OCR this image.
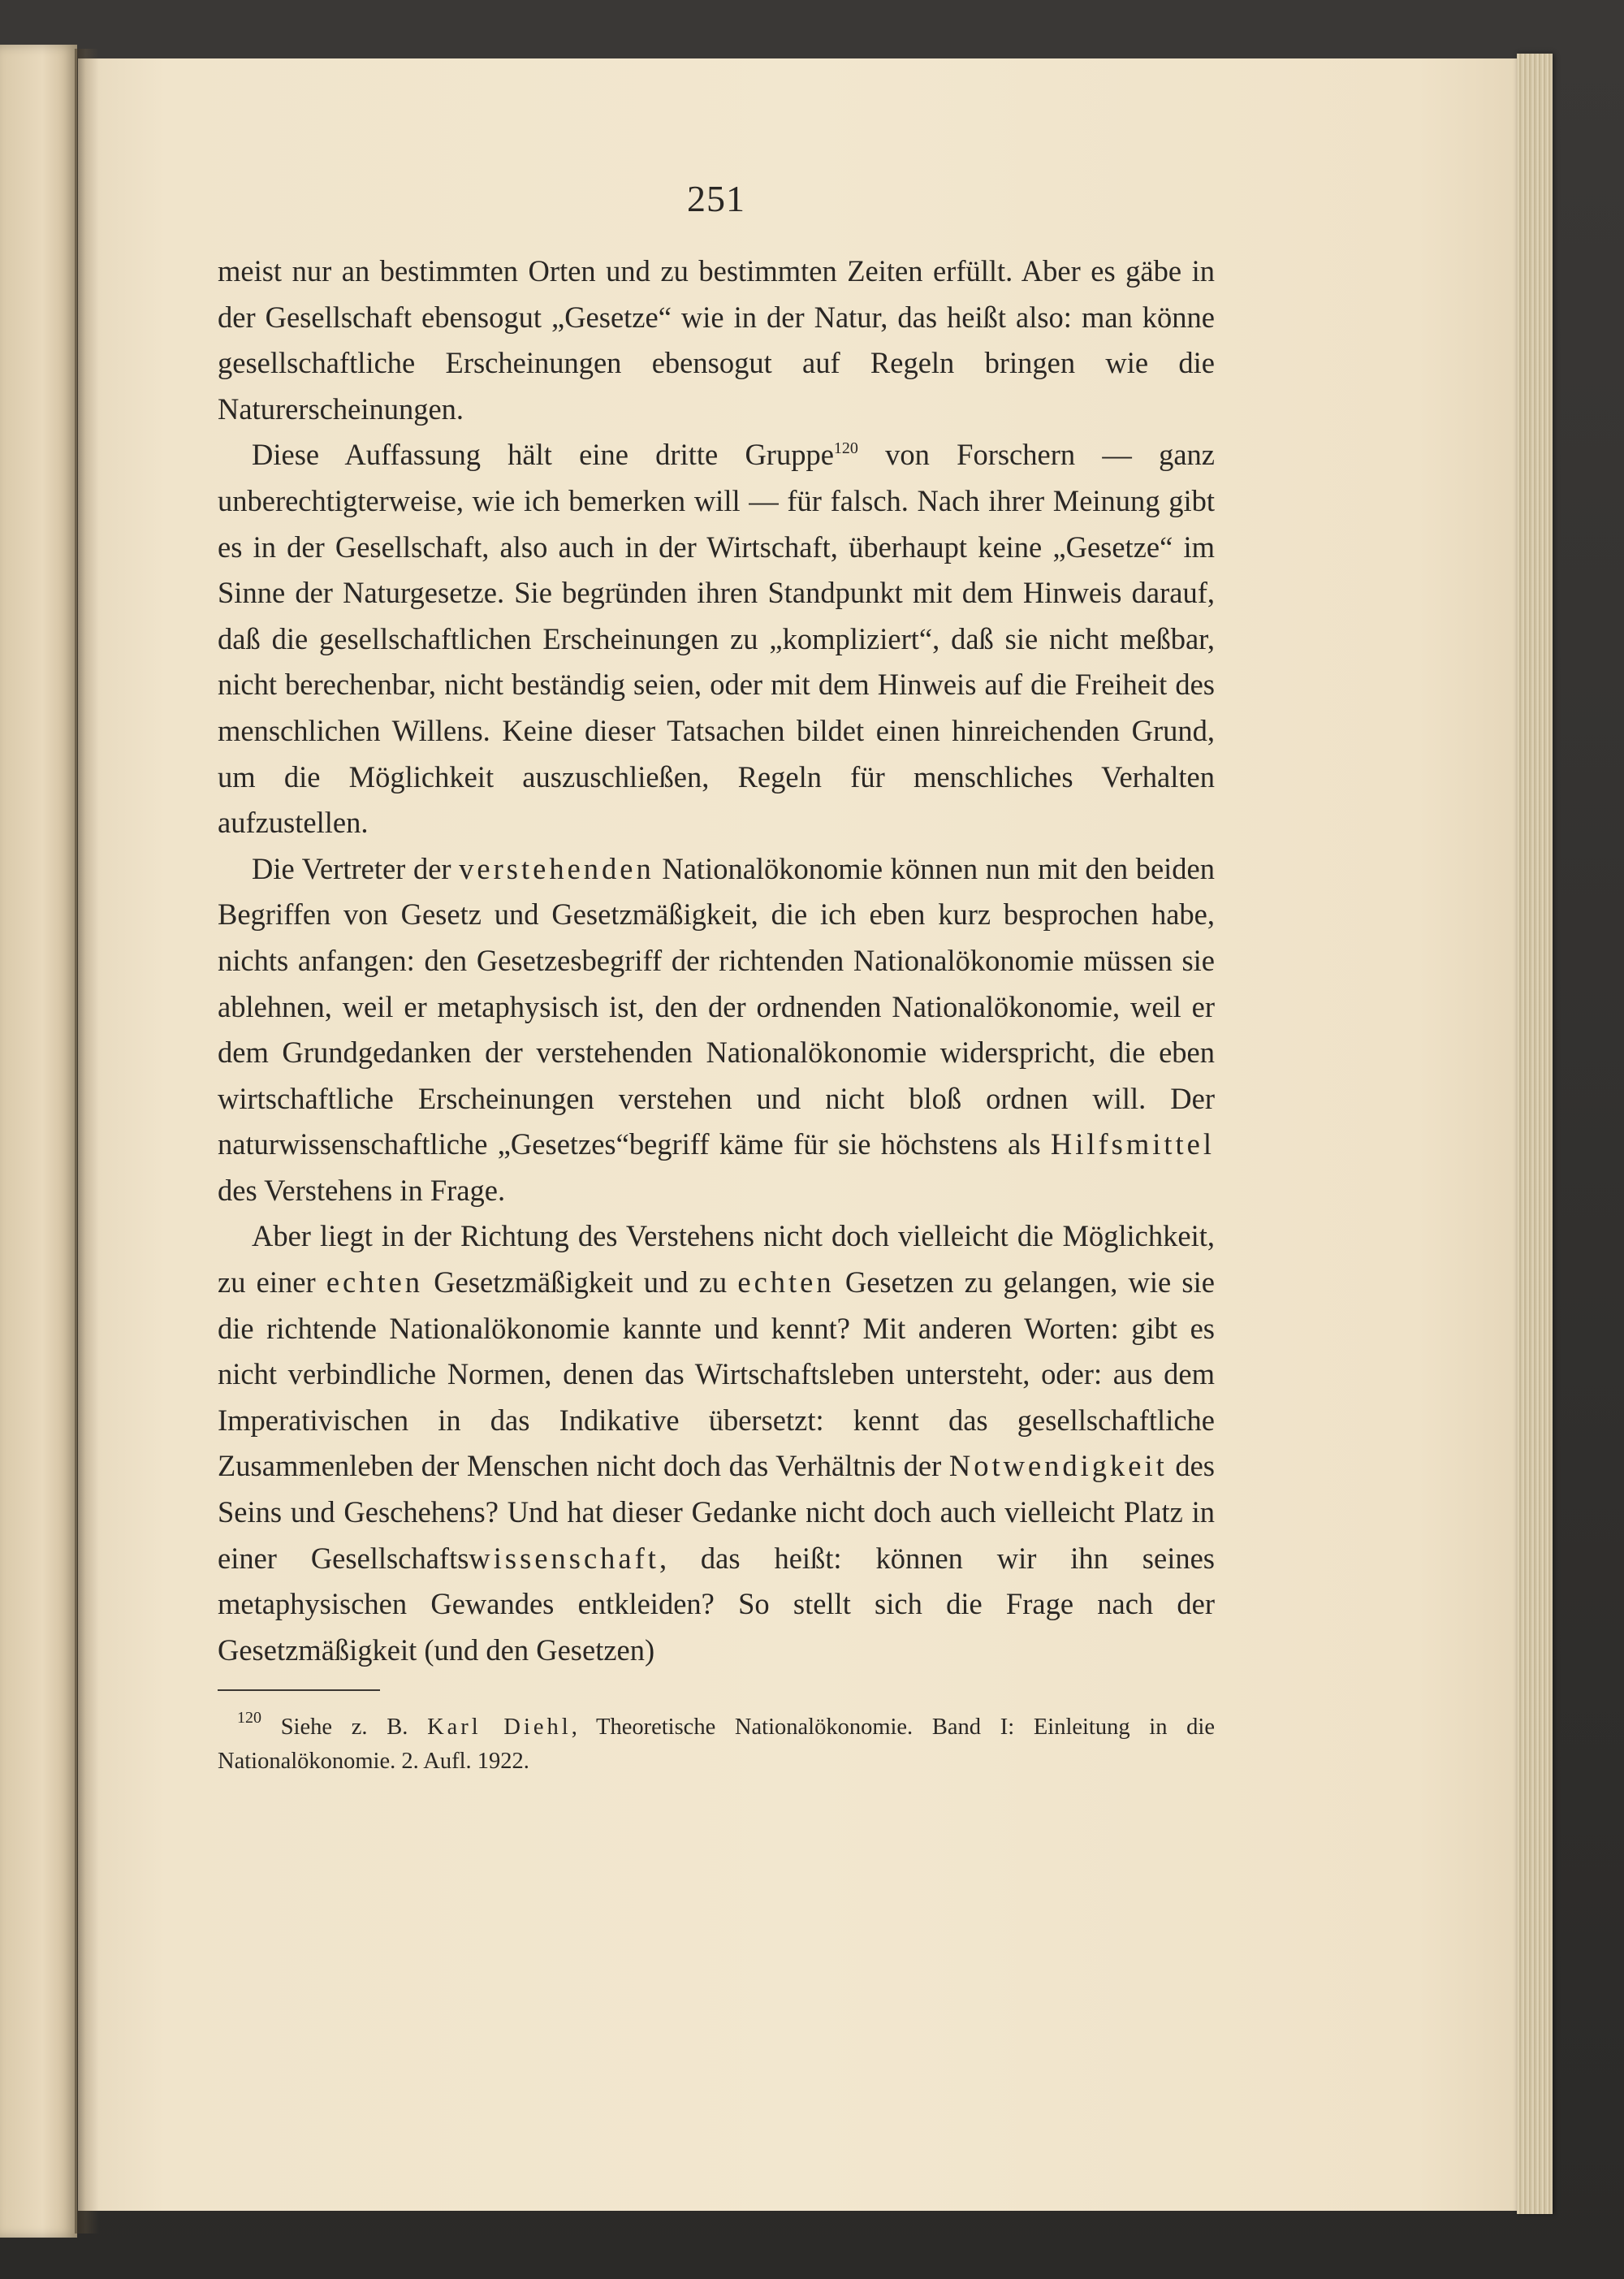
251

meist nur an bestimmten Orten und zu bestimmten Zeiten erfüllt. Aber es gäbe in der Gesellschaft ebensogut „Gesetze“ wie in der Natur, das heißt also: man könne gesellschaftliche Erscheinungen ebensogut auf Regeln bringen wie die Naturerscheinungen.

Diese Auffassung hält eine dritte Gruppe$^{120}$ von Forschern — ganz unberechtigterweise, wie ich bemerken will — für falsch. Nach ihrer Meinung gibt es in der Gesellschaft, also auch in der Wirtschaft, überhaupt keine „Gesetze“ im Sinne der Naturgesetze. Sie begründen ihren Standpunkt mit dem Hinweis darauf, daß die gesellschaftlichen Erscheinungen zu „kompliziert“, daß sie nicht meßbar, nicht berechenbar, nicht beständig seien, oder mit dem Hinweis auf die Freiheit des menschlichen Willens. Keine dieser Tatsachen bildet einen hinreichenden Grund, um die Möglichkeit auszuschließen, Regeln für menschliches Verhalten aufzustellen.

Die Vertreter der verstehenden Nationalökonomie können nun mit den beiden Begriffen von Gesetz und Gesetzmäßigkeit, die ich eben kurz besprochen habe, nichts anfangen: den Gesetzesbegriff der richtenden Nationalökonomie müssen sie ablehnen, weil er metaphysisch ist, den der ordnenden Nationalökonomie, weil er dem Grundgedanken der verstehenden Nationalökonomie widerspricht, die eben wirtschaftliche Erscheinungen verstehen und nicht bloß ordnen will. Der naturwissenschaftliche „Gesetzes“begriff käme für sie höchstens als Hilfsmittel des Verstehens in Frage.

Aber liegt in der Richtung des Verstehens nicht doch vielleicht die Möglichkeit, zu einer echten Gesetzmäßigkeit und zu echten Gesetzen zu gelangen, wie sie die richtende Nationalökonomie kannte und kennt? Mit anderen Worten: gibt es nicht verbindliche Normen, denen das Wirtschaftsleben untersteht, oder: aus dem Imperativischen in das Indikative übersetzt: kennt das gesellschaftliche Zusammenleben der Menschen nicht doch das Verhältnis der Notwendigkeit des Seins und Geschehens? Und hat dieser Gedanke nicht doch auch vielleicht Platz in einer Gesellschaftswissenschaft, das heißt: können wir ihn seines metaphysischen Gewandes entkleiden? So stellt sich die Frage nach der Gesetzmäßigkeit (und den Gesetzen)

$^{120}$ Siehe z. B. Karl Diehl, Theoretische Nationalökonomie. Band I: Einleitung in die Nationalökonomie. 2. Aufl. 1922.
